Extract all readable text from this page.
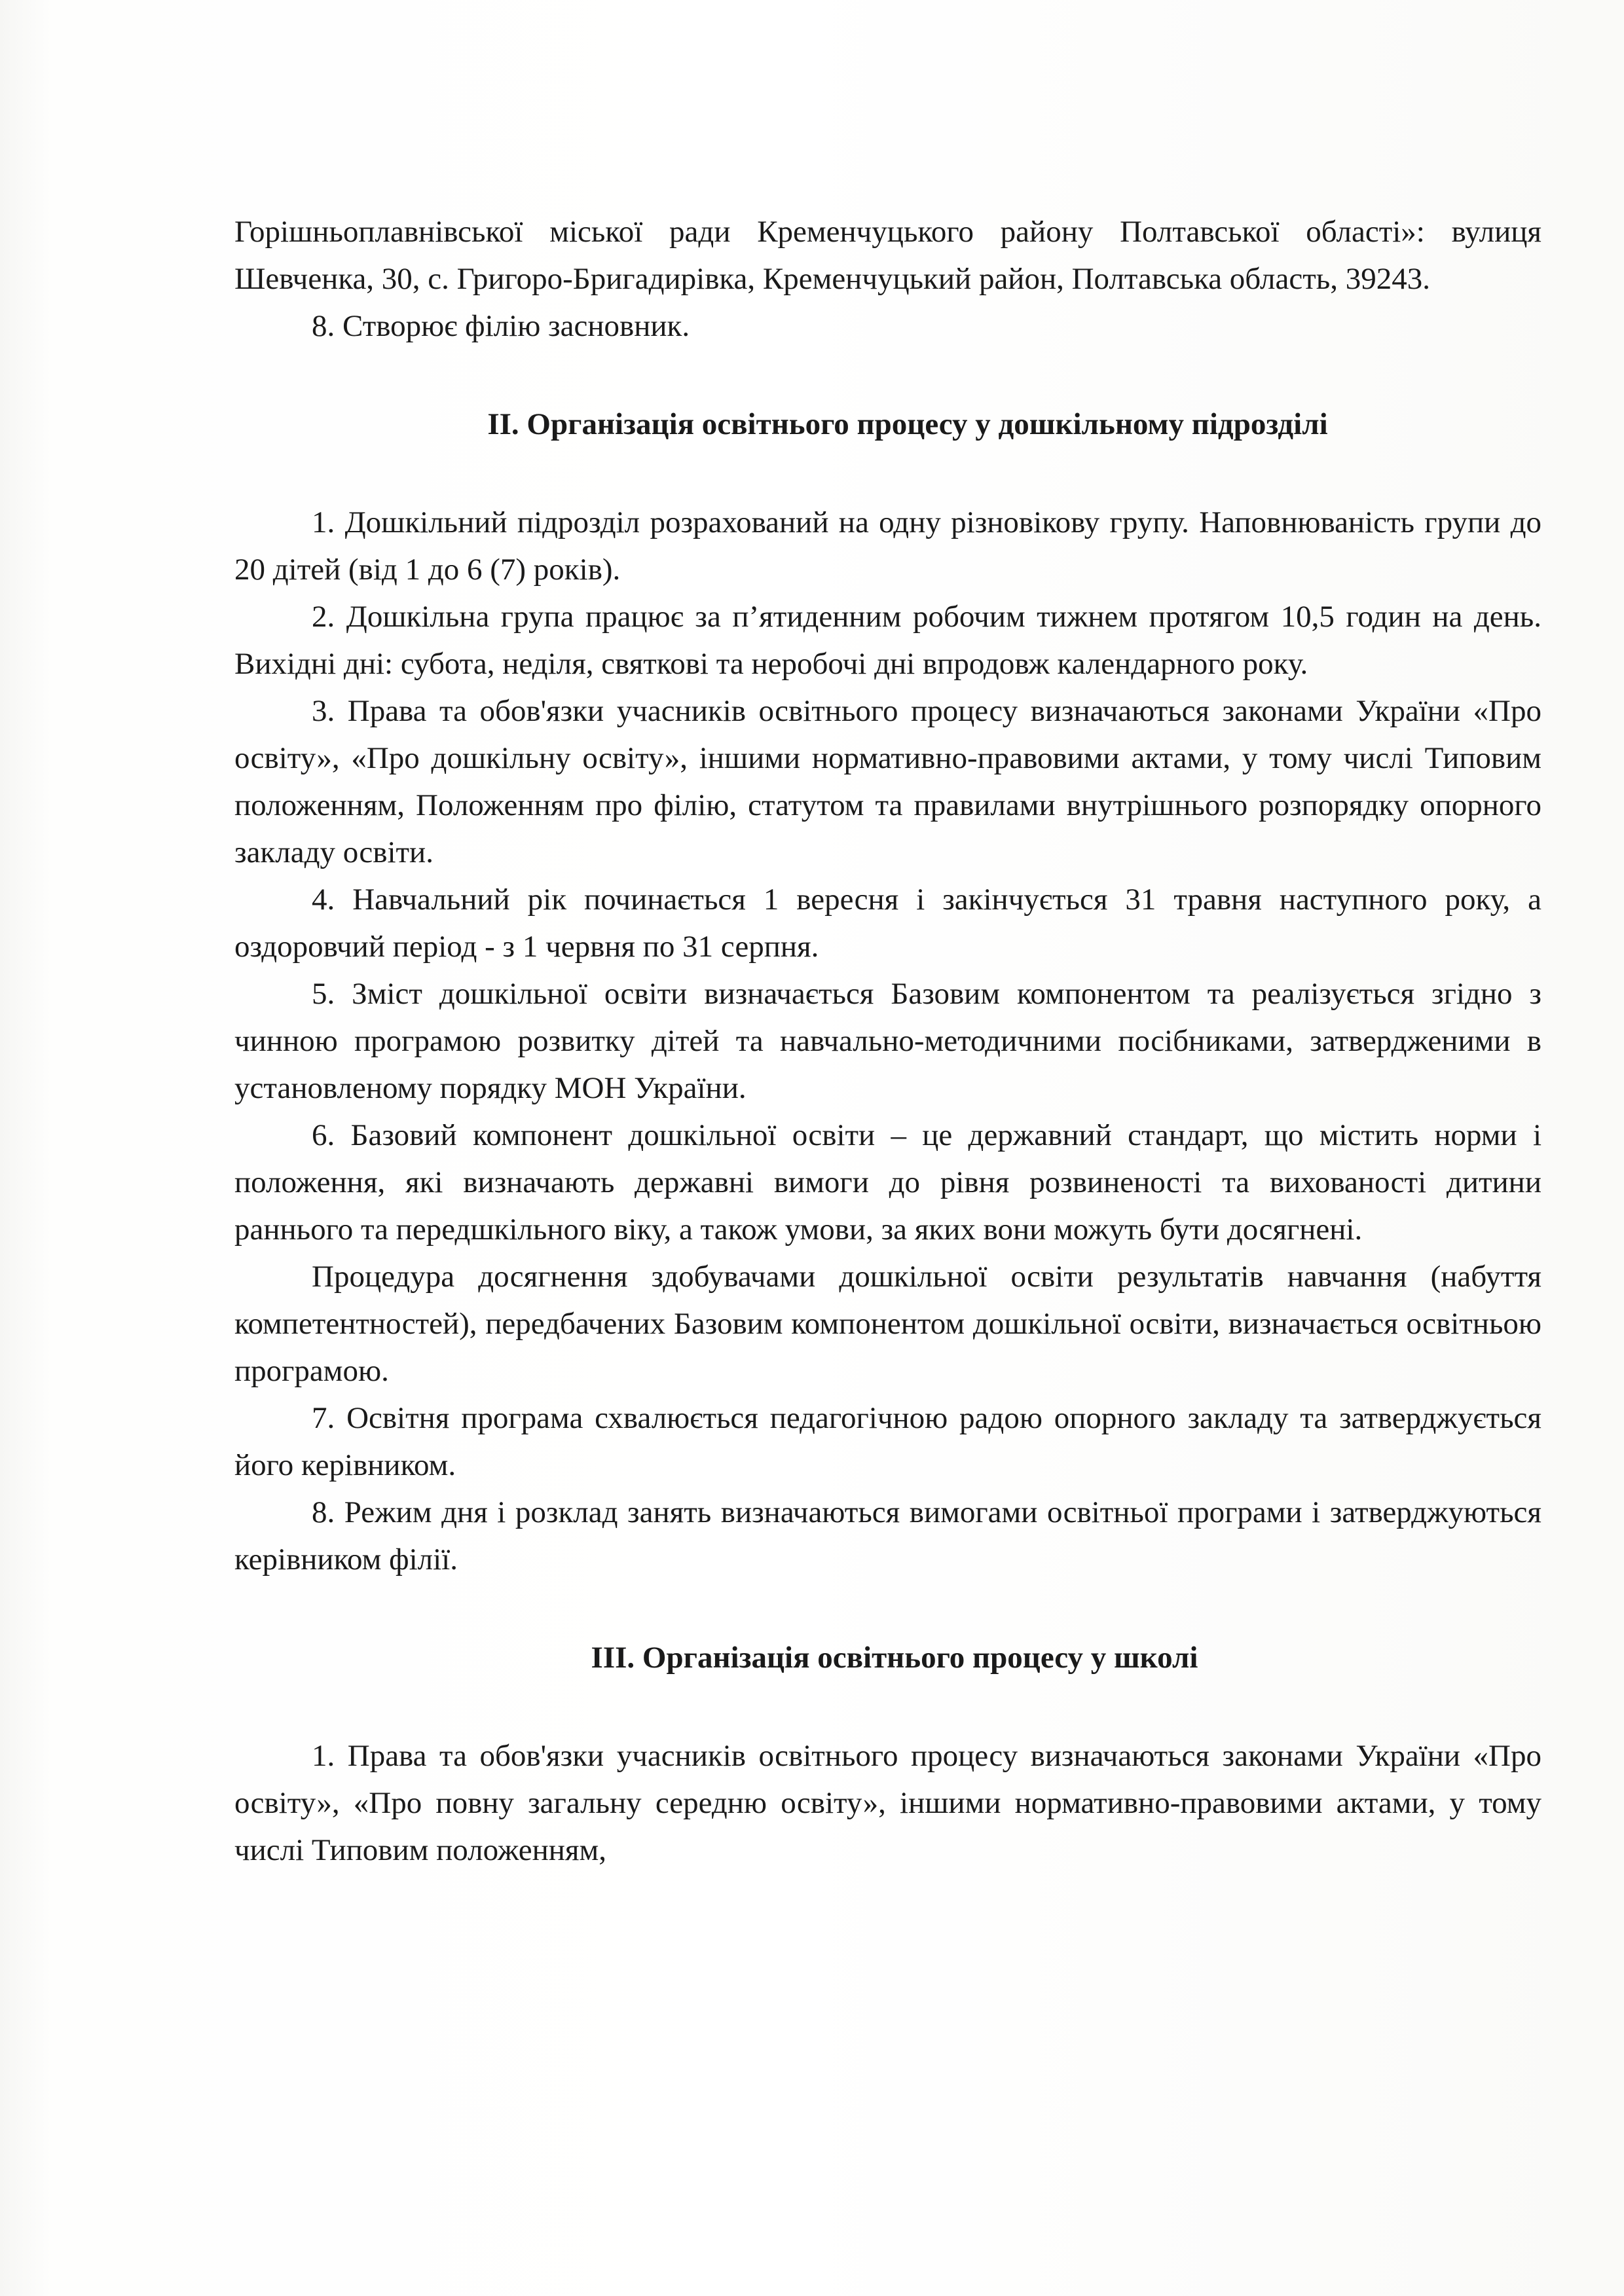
Горішньоплавнівської міської ради Кременчуцького району Полтавської області»: вулиця Шевченка, 30, с. Григоро-Бригадирівка, Кременчуцький район, Полтавська область, 39243.

8. Створює філію засновник.

ІІ. Організація освітнього процесу у дошкільному підрозділі

1. Дошкільний підрозділ розрахований на одну різновікову групу. Наповнюваність групи до 20 дітей (від 1 до 6 (7) років).

2. Дошкільна група працює за п’ятиденним робочим тижнем протягом 10,5 годин на день. Вихідні дні: субота, неділя, святкові та неробочі дні впродовж календарного року.

3. Права та обов'язки учасників освітнього процесу визначаються законами України «Про освіту», «Про дошкільну освіту», іншими нормативно-правовими актами, у тому числі Типовим положенням, Положенням про філію, статутом та правилами внутрішнього розпорядку опорного закладу освіти.

4. Навчальний рік починається 1 вересня і закінчується 31 травня наступного року, а оздоровчий період - з 1 червня по 31 серпня.

5. Зміст дошкільної освіти визначається Базовим компонентом та реалізується згідно з чинною програмою розвитку дітей та навчально-методичними посібниками, затвердженими в установленому порядку МОН України.

6. Базовий компонент дошкільної освіти – це державний стандарт, що містить норми і положення, які визначають державні вимоги до рівня розвиненості та вихованості дитини раннього та передшкільного віку, а також умови, за яких вони можуть бути досягнені.

Процедура досягнення здобувачами дошкільної освіти результатів навчання (набуття компетентностей), передбачених Базовим компонентом дошкільної освіти, визначається освітньою програмою.

7. Освітня програма схвалюється педагогічною радою опорного закладу та затверджується його керівником.

8. Режим дня і розклад занять визначаються вимогами освітньої програми і затверджуються керівником філії.

ІІІ. Організація освітнього процесу у школі

1. Права та обов'язки учасників освітнього процесу визначаються законами України «Про освіту», «Про повну загальну середню освіту», іншими нормативно-правовими актами, у тому числі Типовим положенням,
